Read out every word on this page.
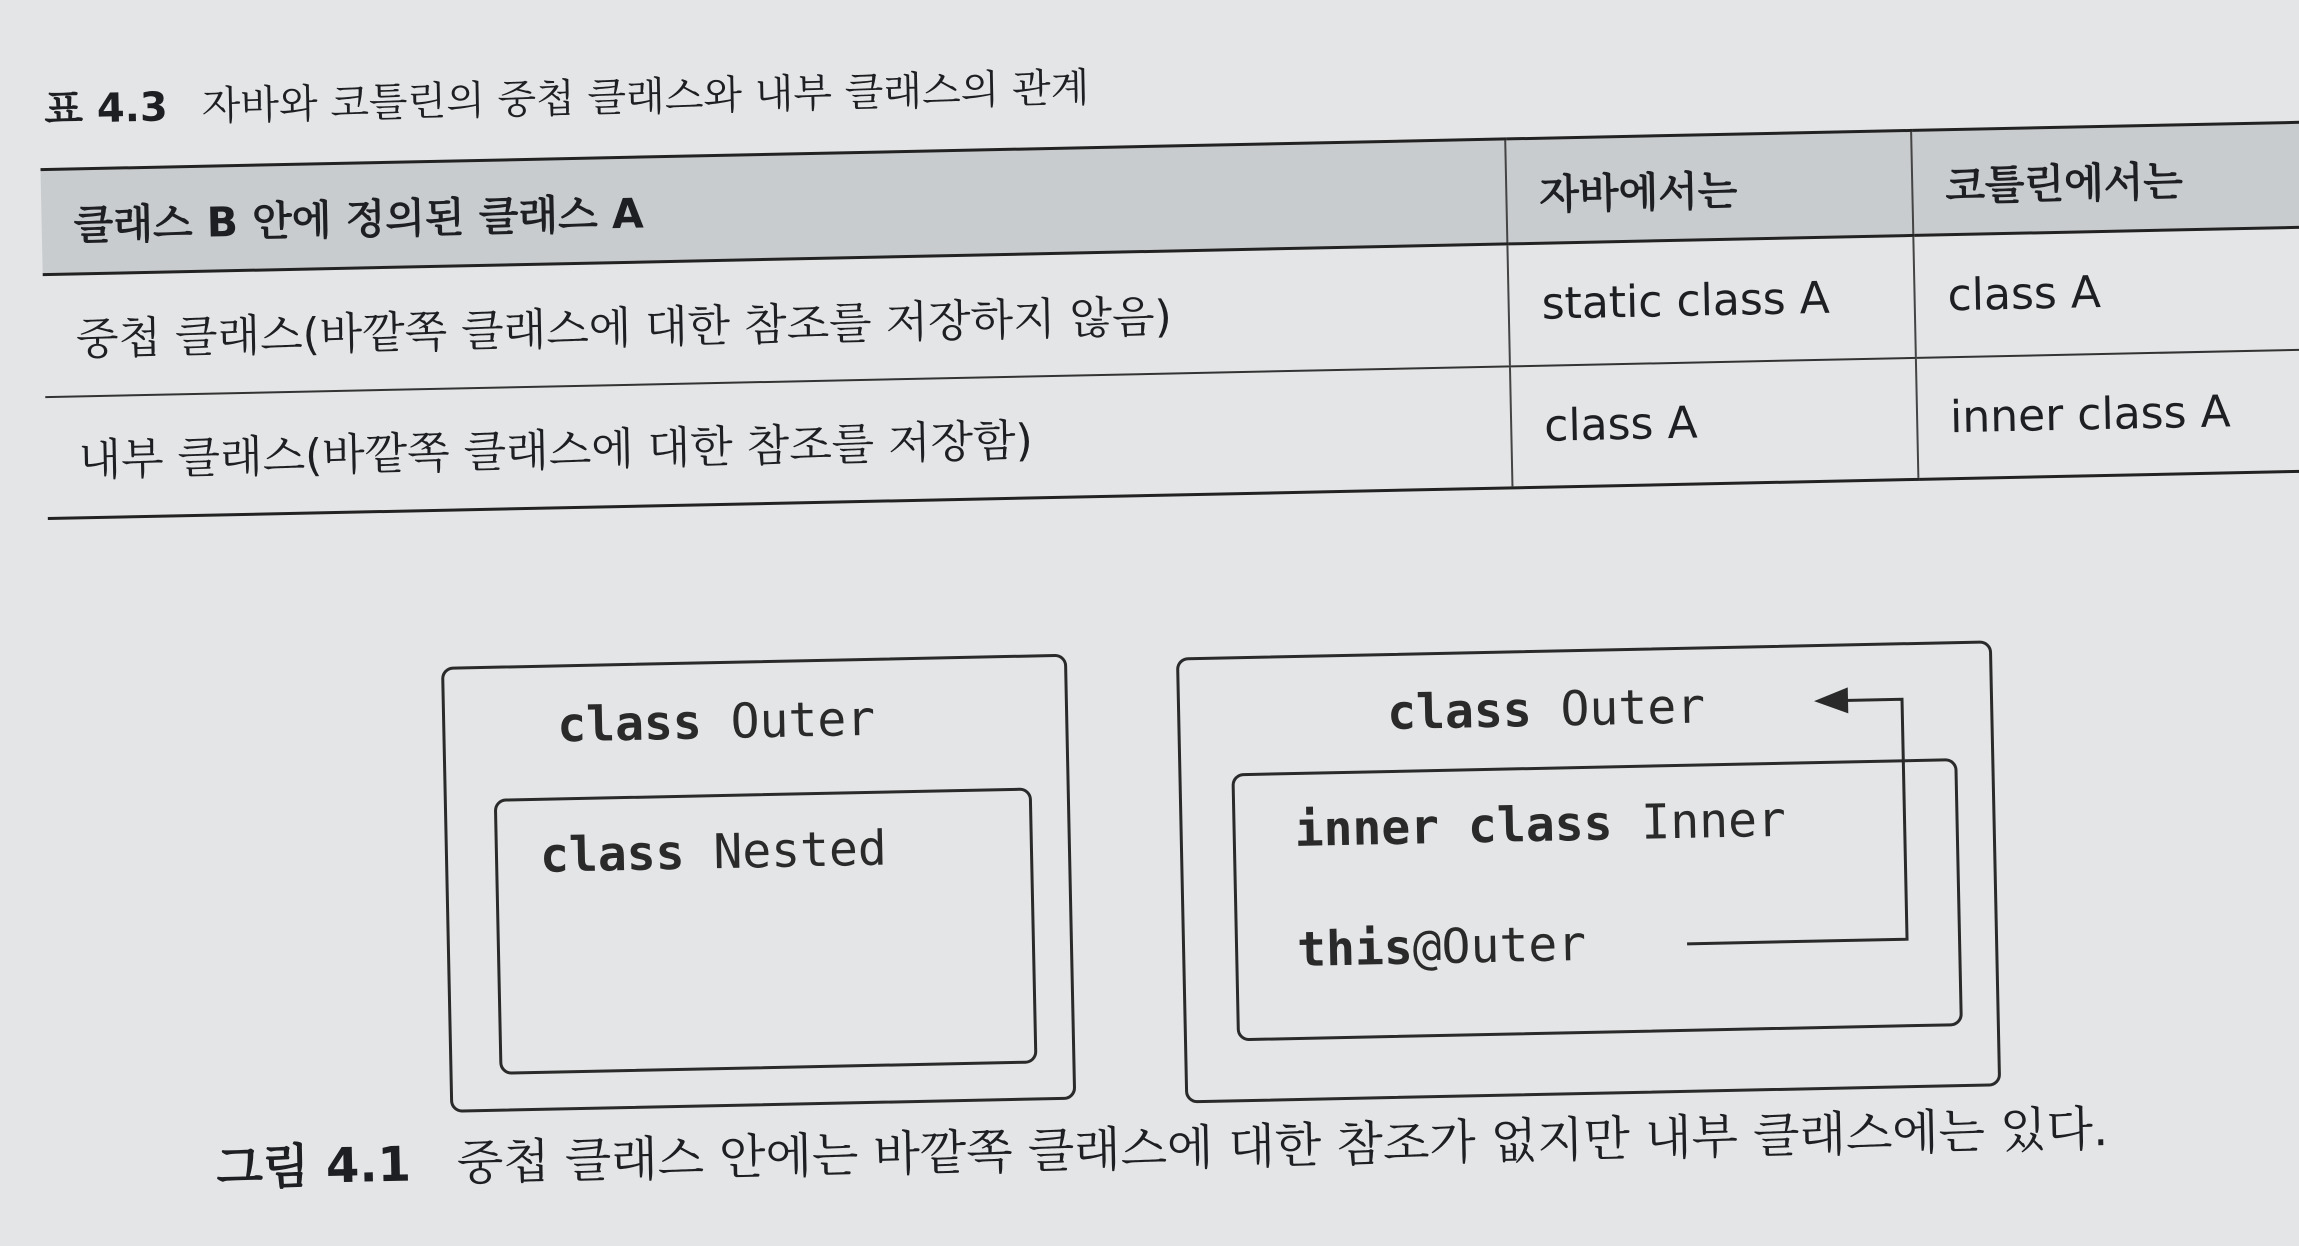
표 4.3 자바와 코틀린의 중첩 클래스와 내부 클래스의 관계
클래스 B 안에 정의된 클래스 A	자바에서는	코틀린에서는
중첩 클래스(바깥쪽 클래스에 대한 참조를 저장하지 않음)	static class A	class A
내부 클래스(바깥쪽 클래스에 대한 참조를 저장함)	class A	inner class A
class Outer
class Nested
class Outer
inner class Inner
this@Outer
그림 4.1 중첩 클래스 안에는 바깥쪽 클래스에 대한 참조가 없지만 내부 클래스에는 있다.
